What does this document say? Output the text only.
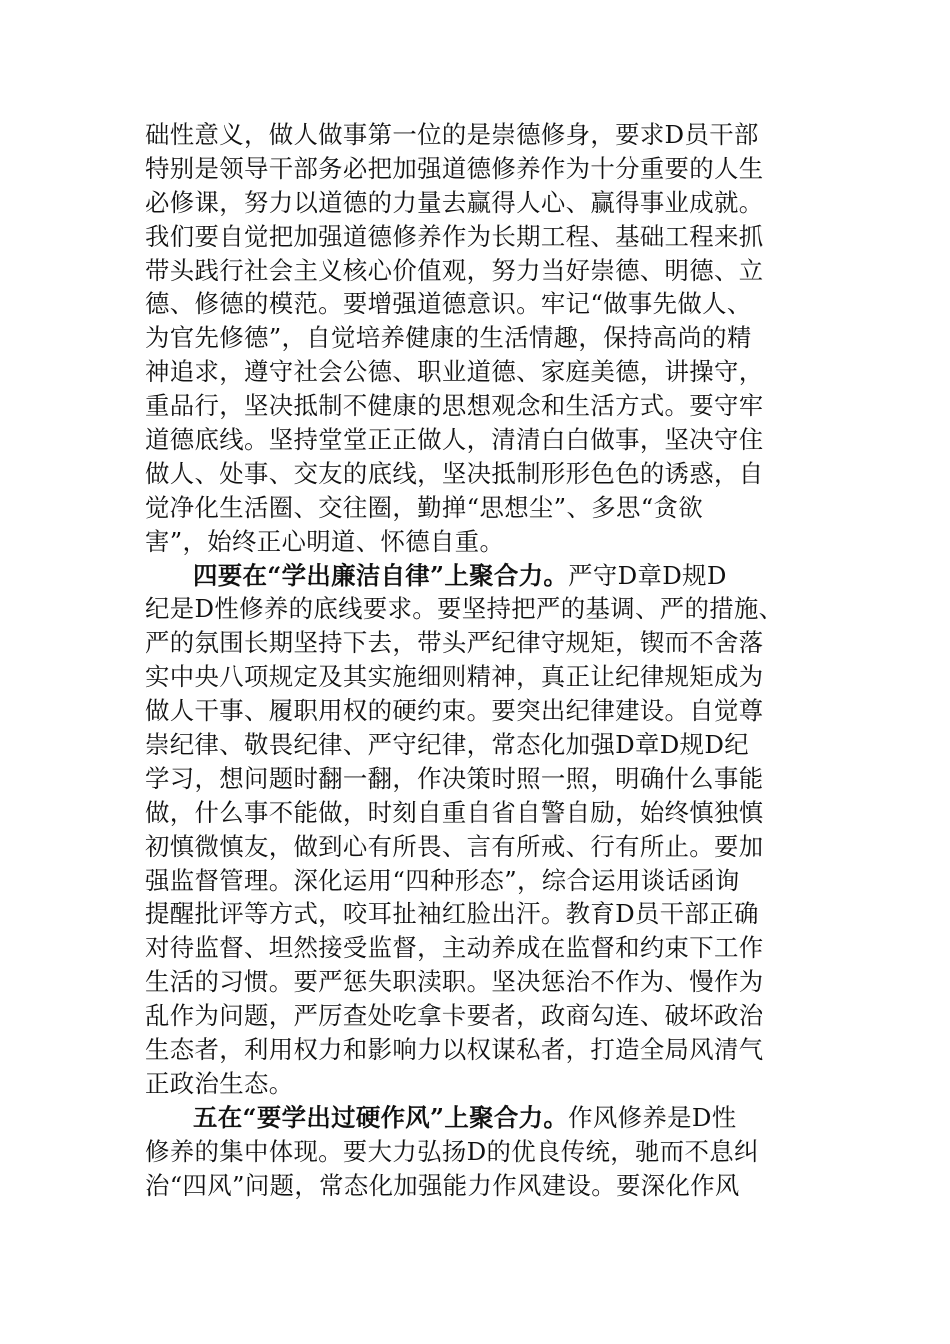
础性意义，做人做事第一位的是崇德修身，要求D员干部
特别是领导干部务必把加强道德修养作为十分重要的人生
必修课，努力以道德的力量去赢得人心、赢得事业成就。
我们要自觉把加强道德修养作为长期工程、基础工程来抓
带头践行社会主义核心价值观，努力当好崇德、明德、立
德、修德的模范。要增强道德意识。牢记“做事先做人、
为官先修德”，自觉培养健康的生活情趣，保持高尚的精
神追求，遵守社会公德、职业道德、家庭美德，讲操守，
重品行，坚决抵制不健康的思想观念和生活方式。要守牢
道德底线。坚持堂堂正正做人，清清白白做事，坚决守住
做人、处事、交友的底线，坚决抵制形形色色的诱惑，自
觉净化生活圈、交往圈，勤掸“思想尘”、多思“贪欲
害”，始终正心明道、怀德自重。
四要在“学出廉洁自律”上聚合力。严守D章D规D
纪是D性修养的底线要求。要坚持把严的基调、严的措施、
严的氛围长期坚持下去，带头严纪律守规矩，锲而不舍落
实中央八项规定及其实施细则精神，真正让纪律规矩成为
做人干事、履职用权的硬约束。要突出纪律建设。自觉尊
崇纪律、敬畏纪律、严守纪律，常态化加强D章D规D纪
学习，想问题时翻一翻，作决策时照一照，明确什么事能
做，什么事不能做，时刻自重自省自警自励，始终慎独慎
初慎微慎友，做到心有所畏、言有所戒、行有所止。要加
强监督管理。深化运用“四种形态”，综合运用谈话函询
提醒批评等方式，咬耳扯袖红脸出汗。教育D员干部正确
对待监督、坦然接受监督，主动养成在监督和约束下工作
生活的习惯。要严惩失职渎职。坚决惩治不作为、慢作为
乱作为问题，严厉查处吃拿卡要者，政商勾连、破坏政治
生态者，利用权力和影响力以权谋私者，打造全局风清气
正政治生态。
五在“要学出过硬作风”上聚合力。作风修养是D性
修养的集中体现。要大力弘扬D的优良传统，驰而不息纠
治“四风”问题，常态化加强能力作风建设。要深化作风
